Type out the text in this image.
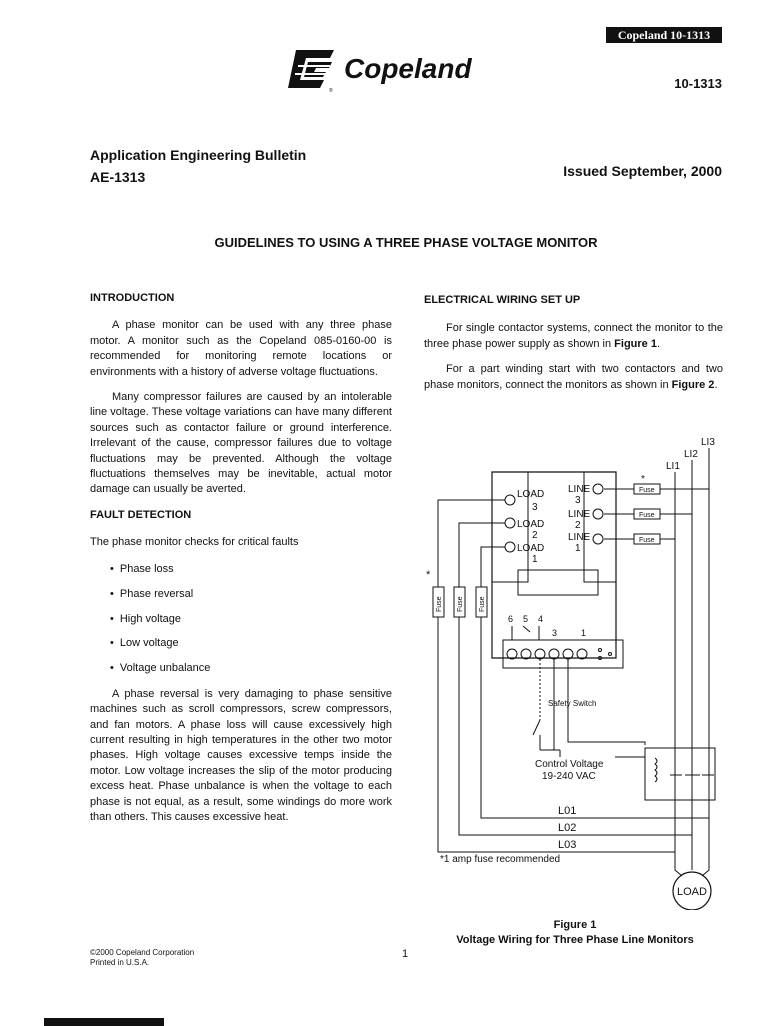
Copeland 10-1313
Copeland
®	10-1313
Application Engineering Bulletin
AE-1313	Issued September, 2000
GUIDELINES TO USING A THREE PHASE VOLTAGE MONITOR
INTRODUCTION

A phase monitor can be used with any three phase motor. A monitor such as the Copeland 085-0160-00 is recommended for monitoring remote locations or environments with a history of adverse voltage fluctuations.

Many compressor failures are caused by an intolerable line voltage. These voltage variations can have many different sources such as contactor failure or ground interference. Irrelevant of the cause, compressor failures due to voltage fluctuations may be prevented. Although the voltage fluctuations themselves may be inevitable, actual motor damage can usually be averted.

FAULT DETECTION

The phase monitor checks for critical faults

• Phase loss
• Phase reversal
• High voltage
• Low voltage
• Voltage unbalance

A phase reversal is very damaging to phase sensitive machines such as scroll compressors, screw compressors, and fan motors. A phase loss will cause excessively high current resulting in high temperatures in the other two motor phases. High voltage causes excessive temps inside the motor. Low voltage increases the slip of the motor producing excess heat. Phase unbalance is when the voltage to each phase is not equal, as a result, some windings do more work than others. This causes excessive heat.

ELECTRICAL WIRING SET UP

For single contactor systems, connect the monitor to the three phase power supply as shown in Figure 1.

For a part winding start with two contactors and two phase monitors, connect the monitors as shown in Figure 2.

LI3
LI2
LI1
LOAD
3
LOAD
2
LOAD
1
LINE
3
LINE
2
LINE
1
Fuse
Fuse
Fuse
*
*
Fuse Fuse Fuse
6 5 4
3	1
Safety Switch
Control Voltage
19-240 VAC
L01
L02
L03
*1 amp fuse recommended
LOAD
Figure 1
Voltage Wiring for Three Phase Line Monitors
©2000 Copeland Corporation
Printed in U.S.A.
1
